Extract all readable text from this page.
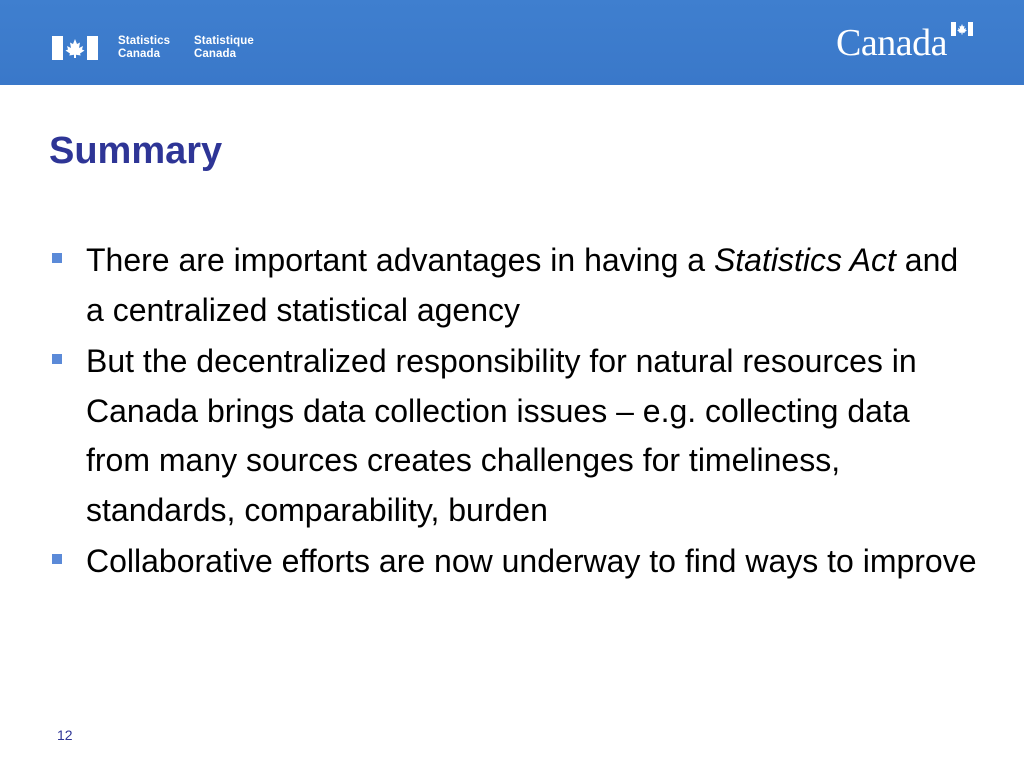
Statistics
Canada
Statistique
Canada	Canada
Summary
There are important advantages in having a Statistics Act and a centralized statistical agency
But the decentralized responsibility for natural resources in Canada brings data collection issues – e.g. collecting data from many sources creates challenges for timeliness, standards, comparability, burden
Collaborative efforts are now underway to find ways to improve
12
